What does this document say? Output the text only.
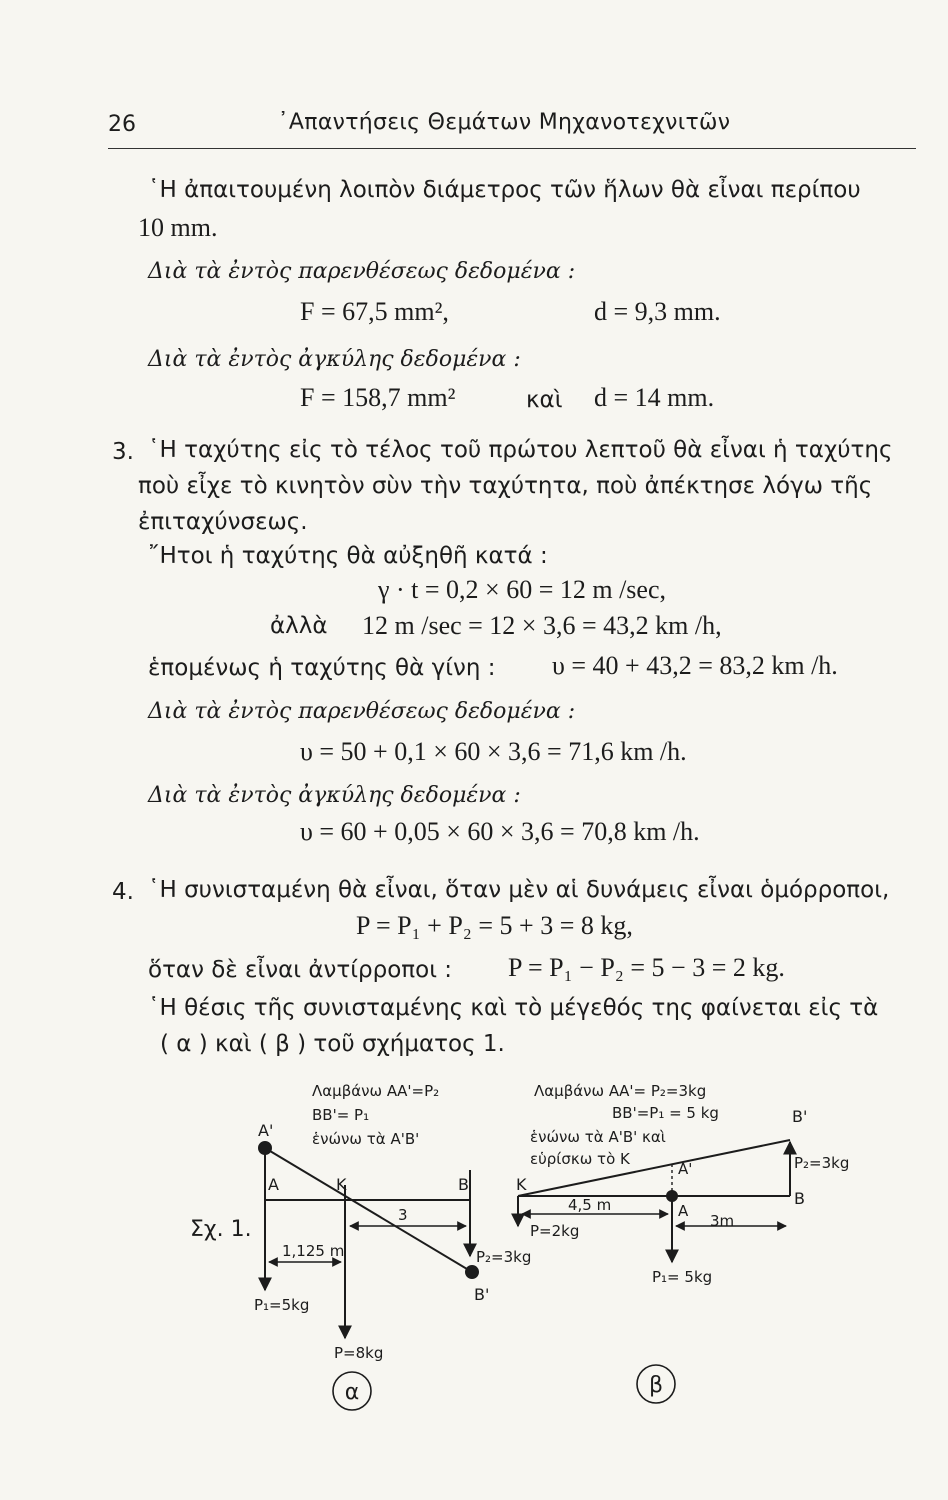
26	᾿Απαντήσεις Θεμάτων Μηχανοτεχνιτῶν
῾Η ἀπαιτουμένη λοιπὸν διάμετρος τῶν ἥλων θὰ εἶναι περίπου
10 mm.
Διὰ τὰ ἐντὸς παρενθέσεως δεδομένα :
F = 67,5 mm²,	d = 9,3 mm.
Διὰ τὰ ἐντὸς ἀγκύλης δεδομένα :
F = 158,7 mm²	καὶ d = 14 mm.
3. ῾Η ταχύτης εἰς τὸ τέλος τοῦ πρώτου λεπτοῦ θὰ εἶναι ἡ ταχύτης
ποὺ εἶχε τὸ κινητὸν σὺν τὴν ταχύτητα, ποὺ ἀπέκτησε λόγω τῆς
ἐπιταχύνσεως.
῎Ητοι ἡ ταχύτης θὰ αὐξηθῆ κατά :
γ · t = 0,2 × 60 = 12 m /sec,
ἀλλὰ 12 m /sec = 12 × 3,6 = 43,2 km /h,
ἑπομένως ἡ ταχύτης θὰ γίνη : υ = 40 + 43,2 = 83,2 km /h.
Διὰ τὰ ἐντὸς παρενθέσεως δεδομένα :
υ = 50 + 0,1 × 60 × 3,6 = 71,6 km /h.
Διὰ τὰ ἐντὸς ἀγκύλης δεδομένα :
υ = 60 + 0,05 × 60 × 3,6 = 70,8 km /h.
4. ῾Η συνισταμένη θὰ εἶναι, ὅταν μὲν αἱ δυνάμεις εἶναι ὁμόρροποι,
P = P₁ + P₂ = 5 + 3 = 8 kg,
ὅταν δὲ εἶναι ἀντίρροποι : P = P₁ − P₂ = 5 − 3 = 2 kg.
῾Η θέσις τῆς συνισταμένης καὶ τὸ μέγεθός της φαίνεται εἰς τὰ
( α ) καὶ ( β ) τοῦ σχήματος 1.
Σχ. 1.
Λαμβάνω ΑΑ'=P₂
ΒΒ'= P₁
ἑνώνω τὰ Α'Β'
Α'
Α	Κ	Β
3
1,125 m	P₂=3kg
Β'
P₁=5kg
P=8kg
α
Λαμβάνω ΑΑ'= P₂=3kg
ΒΒ'=P₁ = 5 kg
ἑνώνω τὰ Α'Β' καὶ
εὑρίσκω τὸ Κ
Β'
Α'	P₂=3kg
Κ
Β
4,5 m	Α
3m
P=2kg
P₁= 5kg
β
